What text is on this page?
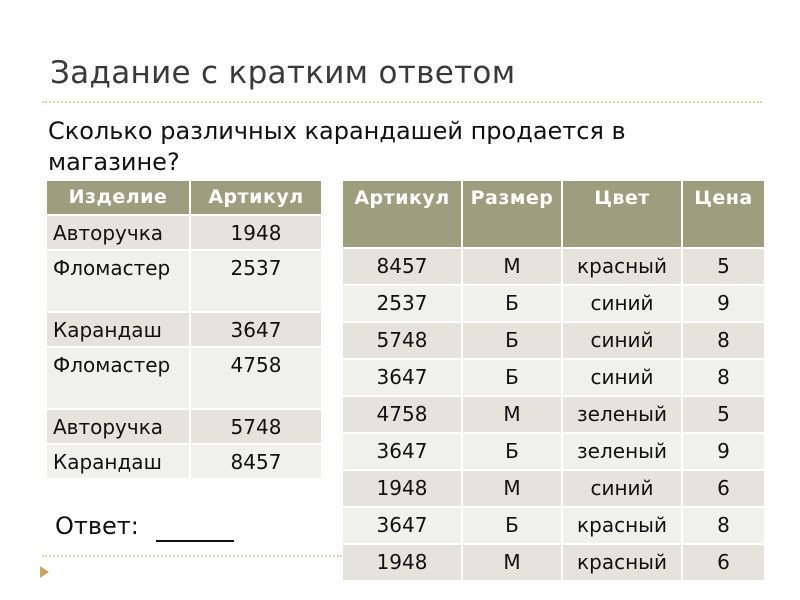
Задание с кратким ответом
Сколько различных карандашей продается в магазине?
Изделие	Артикул
Авторучка	1948
Фломастер	2537
Карандаш	3647
Фломастер	4758
Авторучка	5748
Карандаш	8457
Артикул	Размер	Цвет	Цена
8457	М	красный	5
2537	Б	синий	9
5748	Б	синий	8
3647	Б	синий	8
4758	М	зеленый	5
3647	Б	зеленый	9
1948	М	синий	6
3647	Б	красный	8
1948	М	красный	6
Ответ:
